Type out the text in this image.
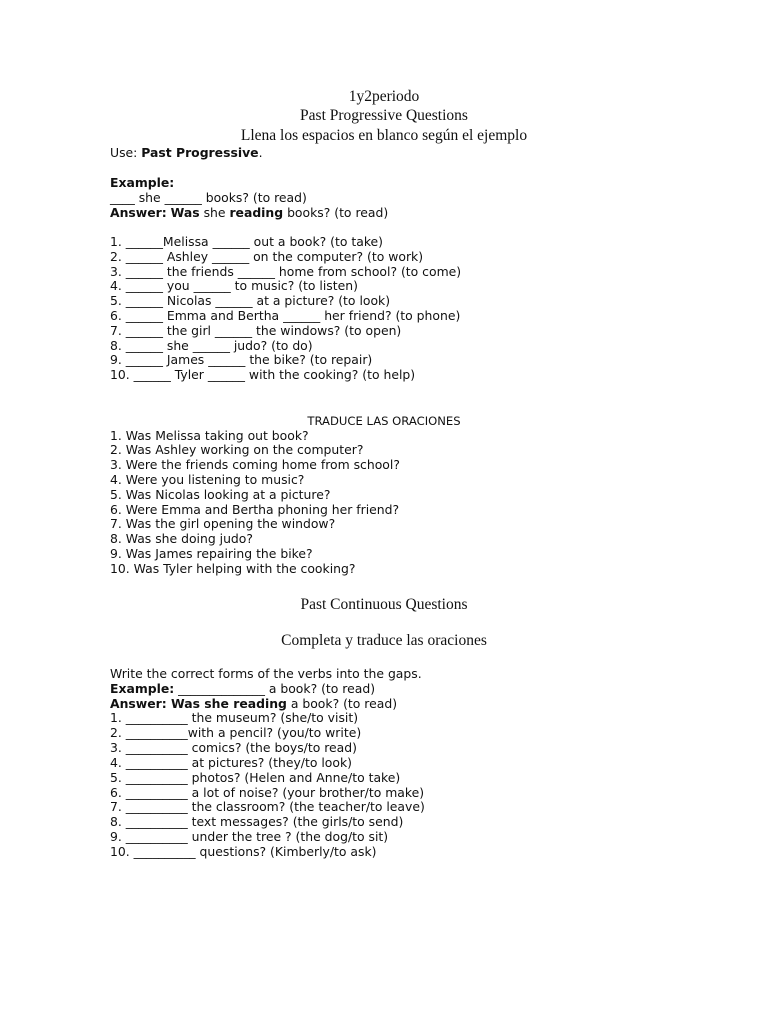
1y2periodo
Past Progressive Questions
Llena los espacios en blanco según el ejemplo

Use: Past Progressive.

Example:

____ she ______ books? (to read)

Answer: Was she reading books? (to read)

1. ______Melissa ______ out a book? (to take)

2. ______ Ashley ______ on the computer? (to work)

3. ______ the friends ______ home from school? (to come)

4. ______ you ______ to music? (to listen)

5. ______ Nicolas ______ at a picture? (to look)

6. ______ Emma and Bertha ______ her friend? (to phone)

7. ______ the girl ______ the windows? (to open)

8. ______ she ______ judo? (to do)

9. ______ James ______ the bike? (to repair)

10. ______ Tyler ______ with the cooking? (to help)

TRADUCE LAS ORACIONES

1. Was Melissa taking out book?

2. Was Ashley working on the computer?

3. Were the friends coming home from school?

4. Were you listening to music?

5. Was Nicolas looking at a picture?

6. Were Emma and Bertha phoning her friend?

7. Was the girl opening the window?

8. Was she doing judo?

9. Was James repairing the bike?

10. Was Tyler helping with the cooking?

Past Continuous Questions
Completa y traduce las oraciones

Write the correct forms of the verbs into the gaps.

Example: ______________ a book? (to read)

Answer: Was she reading a book? (to read)

1. __________ the museum? (she/to visit)

2. __________with a pencil? (you/to write)

3. __________ comics? (the boys/to read)

4. __________ at pictures? (they/to look)

5. __________ photos? (Helen and Anne/to take)

6. __________ a lot of noise? (your brother/to make)

7. __________ the classroom? (the teacher/to leave)

8. __________ text messages? (the girls/to send)

9. __________ under the tree ? (the dog/to sit)

10. __________ questions? (Kimberly/to ask)
